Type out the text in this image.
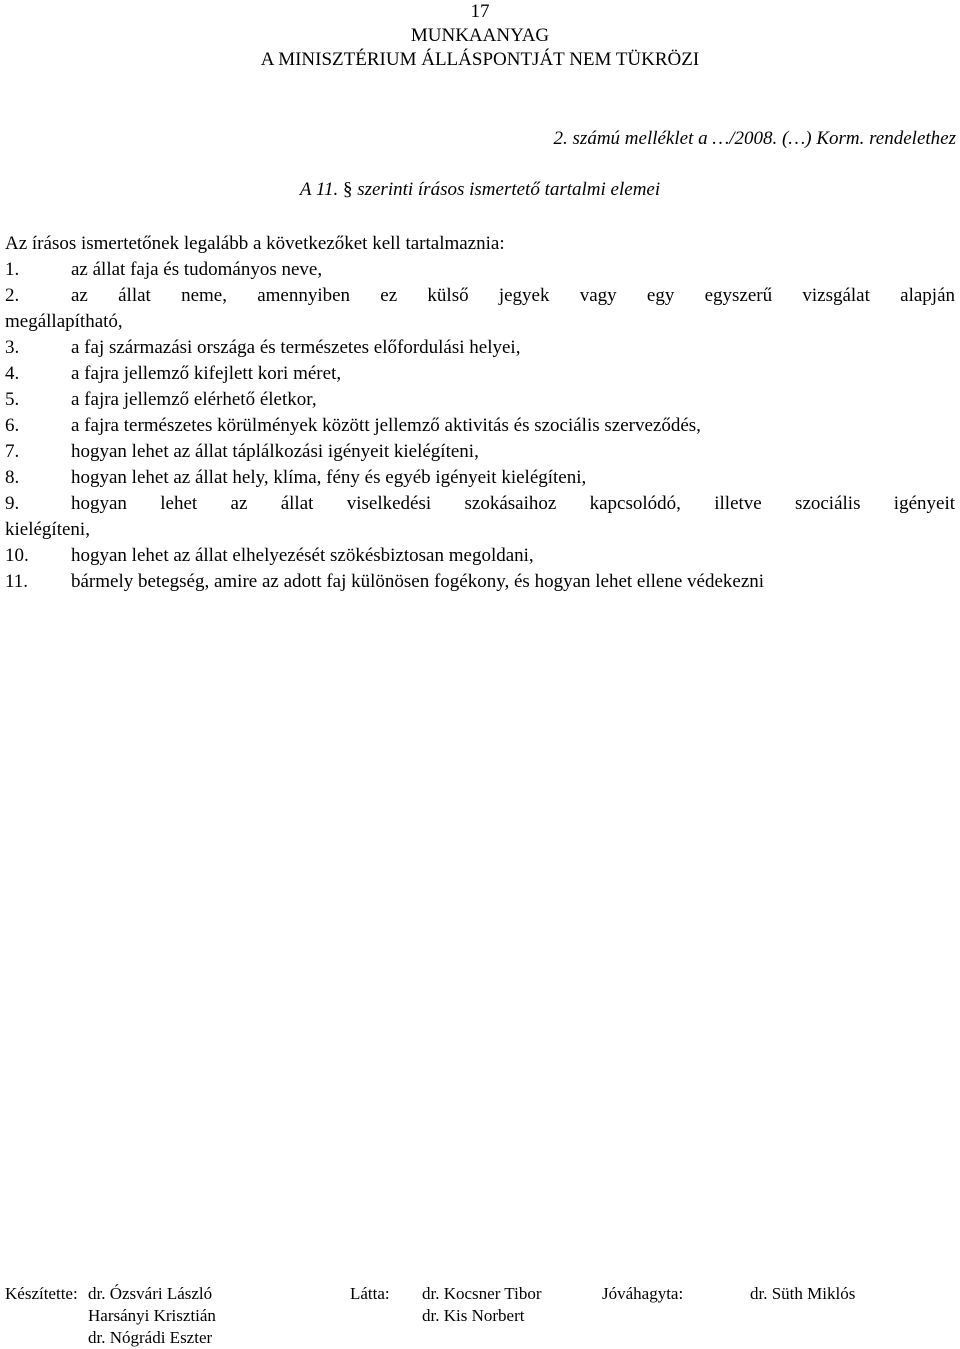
17
MUNKAANYAG
A MINISZTÉRIUM ÁLLÁSPONTJÁT NEM TÜKRÖZI
2. számú melléklet a …/2008. (…) Korm. rendelethez
A 11. § szerinti írásos ismertető tartalmi elemei
Az írásos ismertetőnek legalább a következőket kell tartalmaznia:
1.	az állat faja és tudományos neve,
2.	az állat neme, amennyiben ez külső jegyek vagy egy egyszerű vizsgálat alapján
megállapítható,
3.	a faj származási országa és természetes előfordulási helyei,
4.	a fajra jellemző kifejlett kori méret,
5.	a fajra jellemző elérhető életkor,
6.	a fajra természetes körülmények között jellemző aktivitás és szociális szerveződés,
7.	hogyan lehet az állat táplálkozási igényeit kielégíteni,
8.	hogyan lehet az állat hely, klíma, fény és egyéb igényeit kielégíteni,
9.	hogyan lehet az állat viselkedési szokásaihoz kapcsolódó, illetve szociális igényeit
kielégíteni,
10.	hogyan lehet az állat elhelyezését szökésbiztosan megoldani,
11.	bármely betegség, amire az adott faj különösen fogékony, és hogyan lehet ellene védekezni
Készítette: dr. Ózsvári László	Látta:	dr. Kocsner Tibor	Jóváhagyta:	dr. Süth Miklós
Harsányi Krisztián	dr. Kis Norbert
dr. Nógrádi Eszter
